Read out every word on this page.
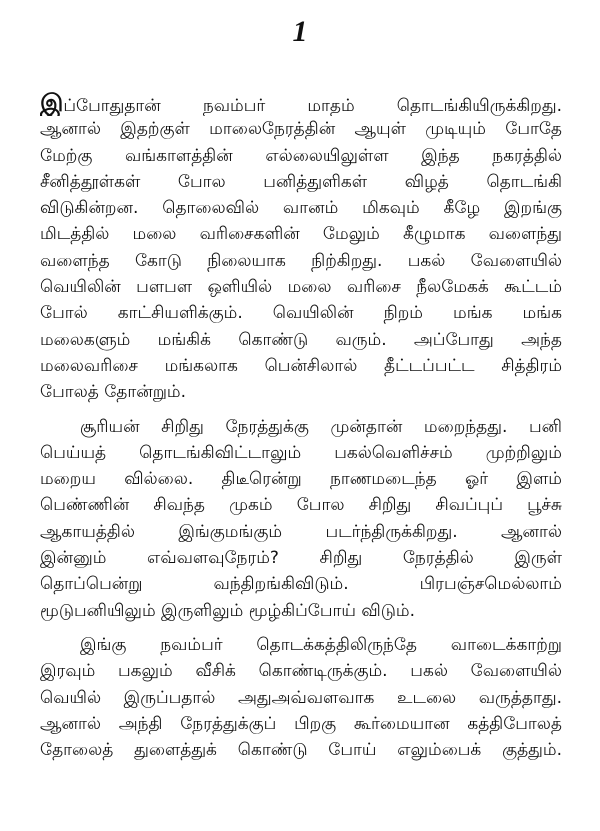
1

இப்போதுதான் நவம்பர் மாதம் தொடங்கியிருக்கிறது.
ஆனால் இதற்குள் மாலைநேரத்தின் ஆயுள் முடியும் போதே
மேற்கு வங்காளத்தின் எல்லையிலுள்ள இந்த நகரத்தில்
சீனித்தூள்கள் போல பனித்துளிகள் விழத் தொடங்கி
விடுகின்றன. தொலைவில் வானம் மிகவும் கீழே இறங்கு
மிடத்தில் மலை வரிசைகளின் மேலும் கீழுமாக வளைந்து
வளைந்த கோடு நிலையாக நிற்கிறது. பகல் வேளையில்
வெயிலின் பளபள ஒளியில் மலை வரிசை நீலமேகக் கூட்டம்
போல் காட்சியளிக்கும். வெயிலின் நிறம் மங்க மங்க
மலைகளும் மங்கிக் கொண்டு வரும். அப்போது அந்த
மலைவரிசை மங்கலாக பென்சிலால் தீட்டப்பட்ட சித்திரம்
போலத் தோன்றும்.

சூரியன் சிறிது நேரத்துக்கு முன்தான் மறைந்தது. பனி
பெய்யத் தொடங்கிவிட்டாலும் பகல்வெளிச்சம் முற்றிலும்
மறைய வில்லை. திடீரென்று நாணமடைந்த ஓர் இளம்
பெண்ணின் சிவந்த முகம் போல சிறிது சிவப்புப் பூச்சு
ஆகாயத்தில் இங்குமங்கும் படர்ந்திருக்கிறது. ஆனால்
இன்னும் எவ்வளவுநேரம்? சிறிது நேரத்தில் இருள்
தொப்பென்று வந்திறங்கிவிடும். பிரபஞ்சமெல்லாம்
மூடுபனியிலும் இருளிலும் மூழ்கிப்போய் விடும்.

இங்கு நவம்பர் தொடக்கத்திலிருந்தே வாடைக்காற்று
இரவும் பகலும் வீசிக் கொண்டிருக்கும். பகல் வேளையில்
வெயில் இருப்பதால் அதுஅவ்வளவாக உடலை வருத்தாது.
ஆனால் அந்தி நேரத்துக்குப் பிறகு கூர்மையான கத்திபோலத்
தோலைத் துளைத்துக் கொண்டு போய் எலும்பைக் குத்தும்.
